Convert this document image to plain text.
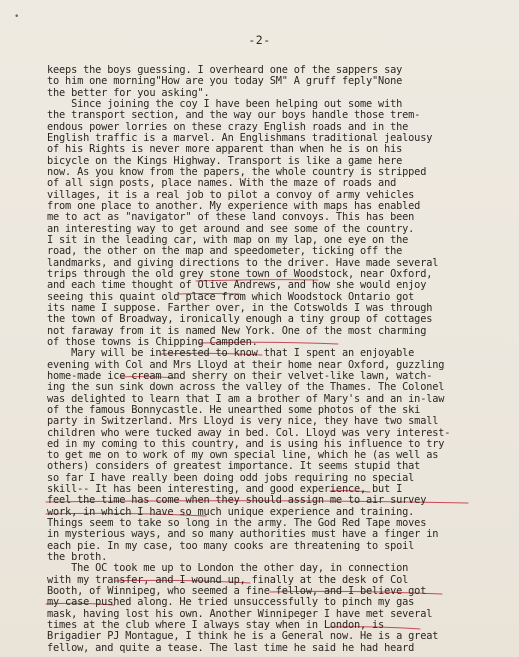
•
-2-
keeps the boys guessing. I overheard one of the sappers say
to him one morning"How are you today SM" A gruff feply"None
the better for you asking".
Since joining the coy I have been helping out some with
the transport section, and the way our boys handle those trem-
endous power lorries on these crazy English roads and in the
English traffic is a marvel. An Englishmans traditional jealousy
of his Rights is never more apparent than when he is on his
bicycle on the Kings Highway. Transport is like a game here
now. As you know from the papers, the whole country is stripped
of all sign posts, place names. With the maze of roads and
villages, it is a real job to pilot a convoy of army vehicles
from one place to another. My experience with maps has enabled
me to act as "navigator" of these land convoys. This has been
an interesting way to get around and see some of the country.
I sit in the leading car, with map on my lap, one eye on the
road, the other on the map and speedometer, ticking off the
landmarks, and giving directions to the driver. Have made several
trips through the old grey stone town of Woodstock, near Oxford,
and each time thought of Olive Andrews, and how she would enjoy
seeing this quaint old place from which Woodstock Ontario got
its name I suppose. Farther over, in the Cotswolds I was through
the town of Broadway, ironically enough a tiny group of cottages
not faraway from it is named New York. One of the most charming
of those towns is Chipping Campden.
Mary will be interested to know that I spent an enjoyable
evening with Col and Mrs Lloyd at their home near Oxford, guzzling
home-made ice cream and sherry on their velvet-like lawn, watch-
ing the sun sink down across the valley of the Thames. The Colonel
was delighted to learn that I am a brother of Mary's and an in-law
of the famous Bonnycastle. He unearthed some photos of the ski
party in Switzerland. Mrs Lloyd is very nice, they have two small
children who were tucked away in bed. Col. Lloyd was very interest-
ed in my coming to this country, and is using his influence to try
to get me on to work of my own special line, which he (as well as
others) considers of greatest importance. It seems stupid that
so far I have really been doing odd jobs requiring no special
skill-- It has been interesting, and good experience, but I
feel the time has come when they should assign me to air survey
work, in which I have so much unique experience and training.
Things seem to take so long in the army. The God Red Tape moves
in mysterious ways, and so many authorities must have a finger in
each pie. In my case, too many cooks are threatening to spoil
the broth.
The OC took me up to London the other day, in connection
with my transfer, and I wound up, finally at the desk of Col
Booth, of Winnipeg, who seemed a fine fellow, and I believe got
my case pushed along. He tried unsuccessfully to pinch my gas
mask, having lost his own. Another Winnipeger I have met several
times at the club where I always stay when in London, is
Brigadier PJ Montague, I think he is a General now. He is a great
fellow, and quite a tease. The last time he said he had heard
